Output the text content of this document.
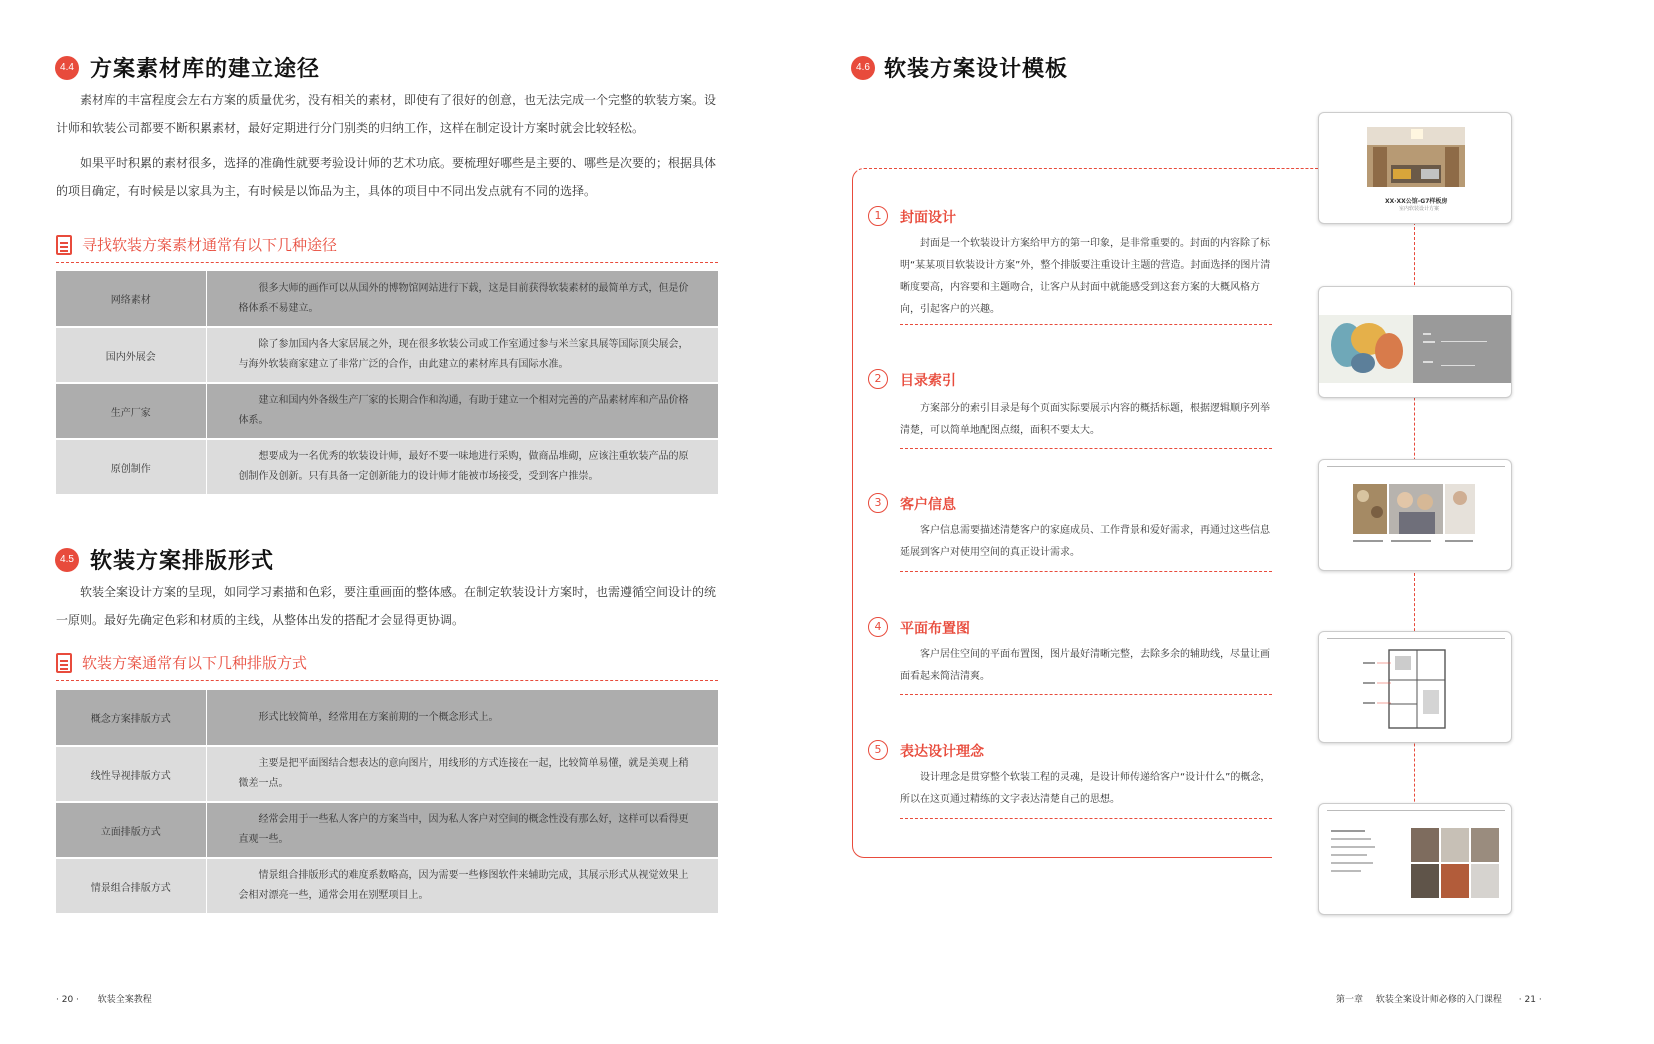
4.4 方案素材库的建立途径

素材库的丰富程度会左右方案的质量优劣，没有相关的素材，即使有了很好的创意，也无法完成一个完整的软装方案。设计师和软装公司都要不断积累素材，最好定期进行分门别类的归纳工作，这样在制定设计方案时就会比较轻松。

如果平时积累的素材很多，选择的准确性就要考验设计师的艺术功底。要梳理好哪些是主要的、哪些是次要的；根据具体的项目确定，有时候是以家具为主，有时候是以饰品为主，具体的项目中不同出发点就有不同的选择。

寻找软装方案素材通常有以下几种途径
网络素材	很多大师的画作可以从国外的博物馆网站进行下载，这是目前获得软装素材的最简单方式，但是价格体系不易建立。
国内外展会	除了参加国内各大家居展之外，现在很多软装公司或工作室通过参与米兰家具展等国际顶尖展会，与海外软装商家建立了非常广泛的合作，由此建立的素材库具有国际水准。
生产厂家	建立和国内外各级生产厂家的长期合作和沟通，有助于建立一个相对完善的产品素材库和产品价格体系。
原创制作	想要成为一名优秀的软装设计师，最好不要一味地进行采购，做商品堆砌，应该注重软装产品的原创制作及创新。只有具备一定创新能力的设计师才能被市场接受，受到客户推崇。
4.5 软装方案排版形式

软装全案设计方案的呈现，如同学习素描和色彩，要注重画面的整体感。在制定软装设计方案时，也需遵循空间设计的统一原则。最好先确定色彩和材质的主线，从整体出发的搭配才会显得更协调。

软装方案通常有以下几种排版方式
概念方案排版方式	形式比较简单，经常用在方案前期的一个概念形式上。
线性导视排版方式	主要是把平面图结合想表达的意向图片，用线形的方式连接在一起，比较简单易懂，就是美观上稍微差一点。
立面排版方式	经常会用于一些私人客户的方案当中，因为私人客户对空间的概念性没有那么好，这样可以看得更直观一些。
情景组合排版方式	情景组合排版形式的难度系数略高，因为需要一些修图软件来辅助完成，其展示形式从视觉效果上会相对漂亮一些，通常会用在别墅项目上。
· 20 · 软装全案教程
4.6 软装方案设计模板
1	封面设计

封面是一个软装设计方案给甲方的第一印象，是非常重要的。封面的内容除了标明“某某项目软装设计方案”外，整个排版要注重设计主题的营造。封面选择的图片清晰度要高，内容要和主题吻合，让客户从封面中就能感受到这套方案的大概风格方向，引起客户的兴趣。

2	目录索引

方案部分的索引目录是每个页面实际要展示内容的概括标题，根据逻辑顺序列举清楚，可以简单地配图点缀，面积不要太大。

3	客户信息

客户信息需要描述清楚客户的家庭成员、工作背景和爱好需求，再通过这些信息延展到客户对使用空间的真正设计需求。

4	平面布置图

客户居住空间的平面布置图，图片最好清晰完整，去除多余的辅助线，尽量让画面看起来简洁清爽。

5	表达设计理念

设计理念是贯穿整个软装工程的灵魂，是设计师传递给客户“设计什么”的概念，所以在这页通过精练的文字表达清楚自己的思想。

XX·XX公馆-G7样板房
室内软装设计方案
第一章 软装全案设计师必修的入门课程 · 21 ·
